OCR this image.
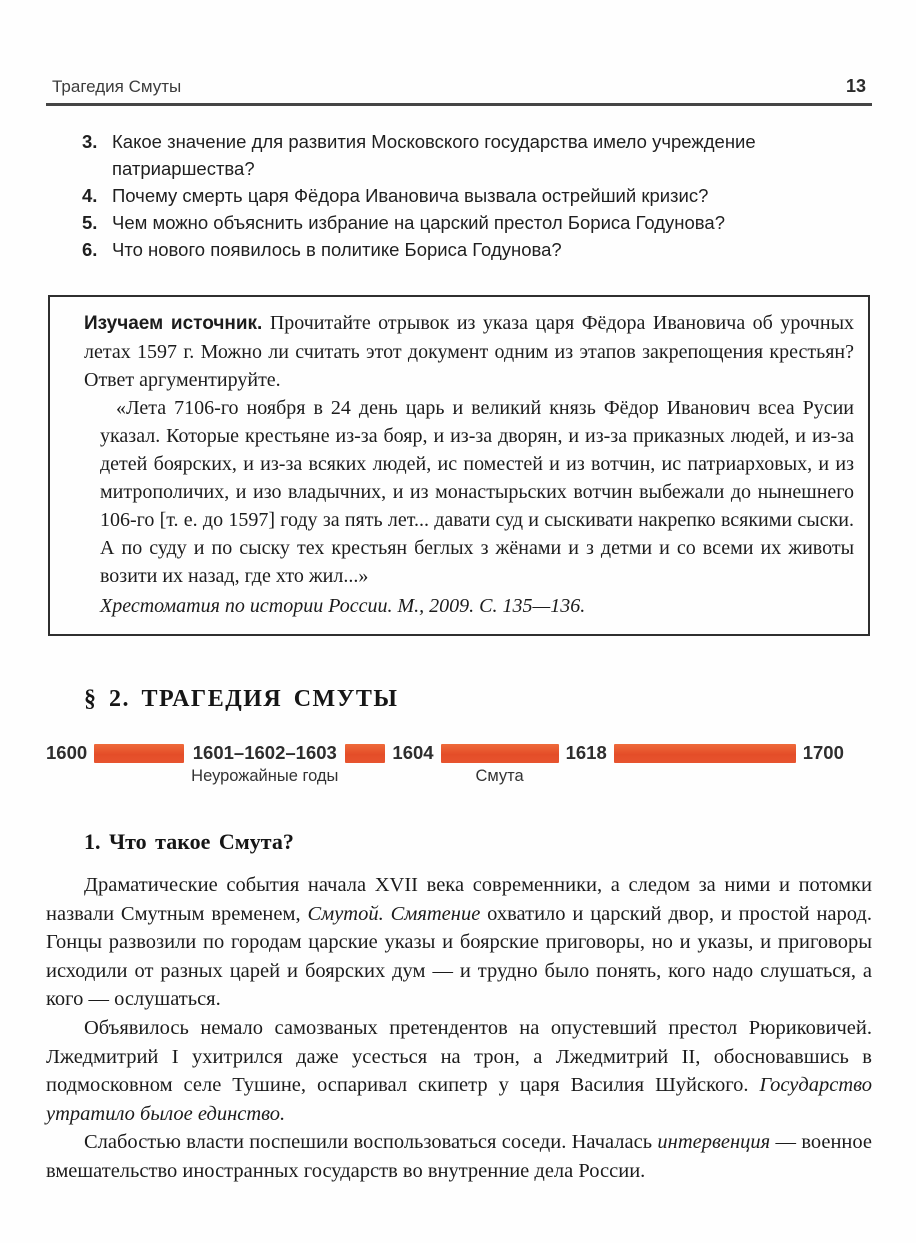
Трагедия Смуты	13
3. Какое значение для развития Московского государства имело учреждение патриаршества?
4. Почему смерть царя Фёдора Ивановича вызвала острейший кризис?
5. Чем можно объяснить избрание на царский престол Бориса Годунова?
6. Что нового появилось в политике Бориса Годунова?

Изучаем источник. Прочитайте отрывок из указа царя Фёдора Ивановича об урочных летах 1597 г. Можно ли считать этот документ одним из этапов закрепощения крестьян? Ответ аргументируйте.

«Лета 7106-го ноября в 24 день царь и великий князь Фёдор Иванович всеа Русии указал. Которые крестьяне из-за бояр, и из-за дворян, и из-за приказных людей, и из-за детей боярских, и из-за всяких людей, ис поместей и из вотчин, ис патриарховых, и из митрополичих, и изо владычних, и из монастырьских вотчин выбежали до нынешнего 106-го [т. е. до 1597] году за пять лет... давати суд и сыскивати накрепко всякими сыски. А по суду и по сыску тех крестьян беглых з жёнами и з детми и со всеми их животы возити их назад, где хто жил...»

Хрестоматия по истории России. М., 2009. С. 135—136.

§ 2. ТРАГЕДИЯ СМУТЫ
1600	1601–1602–1603
Неурожайные годы
1604
Смута
1618	1700
1. Что такое Смута?

Драматические события начала XVII века современники, а следом за ними и потомки назвали Смутным временем, Смутой. Смятение охватило и царский двор, и простой народ. Гонцы развозили по городам царские указы и боярские приговоры, но и указы, и приговоры исходили от разных царей и боярских дум — и трудно было понять, кого надо слушаться, а кого — ослушаться.

Объявилось немало самозваных претендентов на опустевший престол Рюриковичей. Лжедмитрий I ухитрился даже усесться на трон, а Лжедмитрий II, обосновавшись в подмосковном селе Тушине, оспаривал скипетр у царя Василия Шуйского. Государство утратило былое единство.

Слабостью власти поспешили воспользоваться соседи. Началась интервенция — военное вмешательство иностранных государств во внутренние дела России.
